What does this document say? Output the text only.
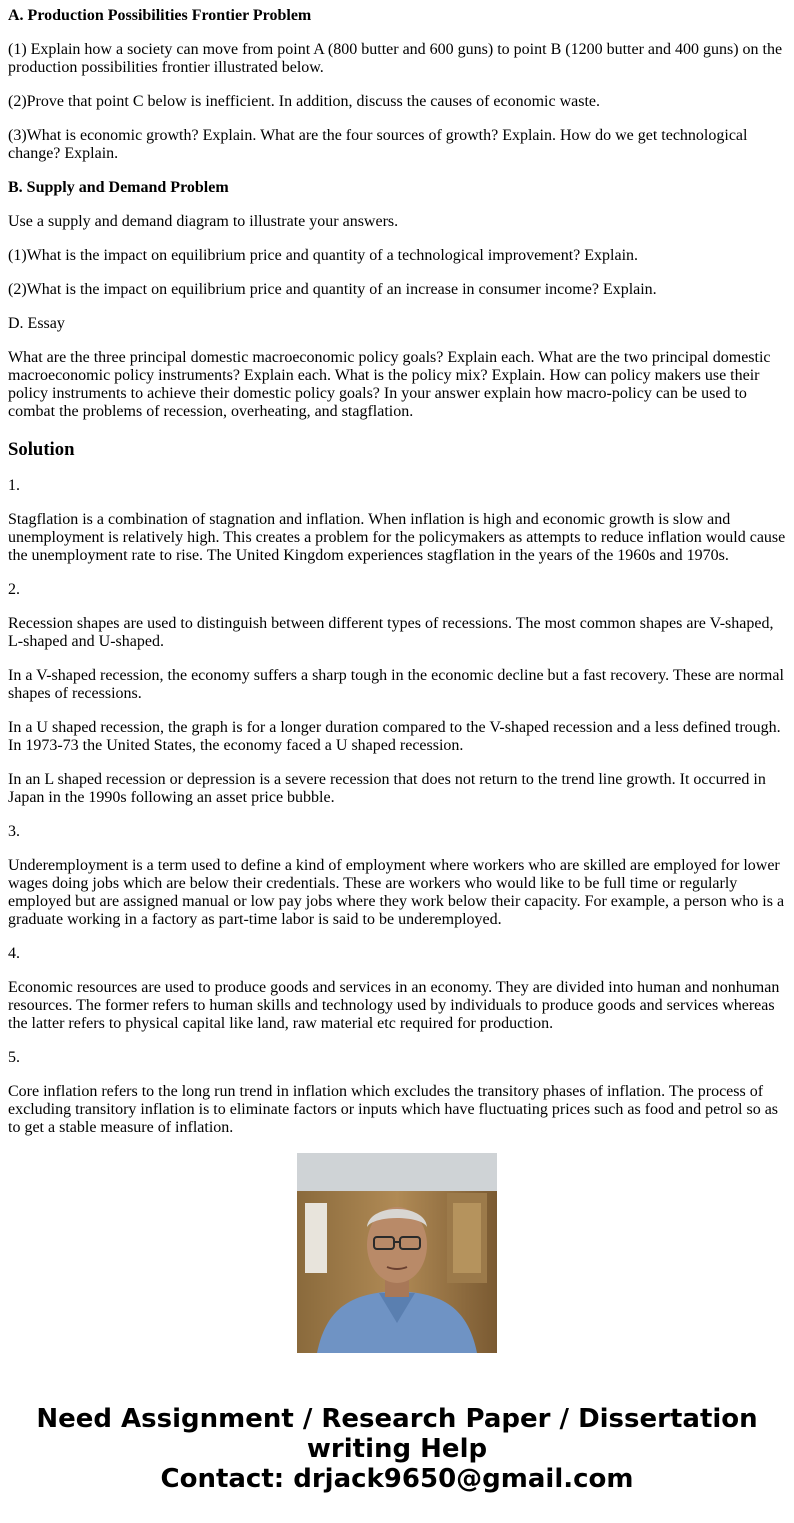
A. Production Possibilities Frontier Problem

(1) Explain how a society can move from point A (800 butter and 600 guns) to point B (1200 butter and 400 guns) on the production possibilities frontier illustrated below.

(2)Prove that point C below is inefficient. In addition, discuss the causes of economic waste.

(3)What is economic growth? Explain. What are the four sources of growth? Explain. How do we get technological change? Explain.

B. Supply and Demand Problem

Use a supply and demand diagram to illustrate your answers.

(1)What is the impact on equilibrium price and quantity of a technological improvement? Explain.

(2)What is the impact on equilibrium price and quantity of an increase in consumer income? Explain.

D. Essay

What are the three principal domestic macroeconomic policy goals? Explain each. What are the two principal domestic macroeconomic policy instruments? Explain each. What is the policy mix? Explain. How can policy makers use their policy instruments to achieve their domestic policy goals? In your answer explain how macro-policy can be used to combat the problems of recession, overheating, and stagflation.

Solution

1.

Stagflation is a combination of stagnation and inflation. When inflation is high and economic growth is slow and unemployment is relatively high. This creates a problem for the policymakers as attempts to reduce inflation would cause the unemployment rate to rise. The United Kingdom experiences stagflation in the years of the 1960s and 1970s.

2.

Recession shapes are used to distinguish between different types of recessions. The most common shapes are V-shaped, L-shaped and U-shaped.

In a V-shaped recession, the economy suffers a sharp tough in the economic decline but a fast recovery. These are normal shapes of recessions.

In a U shaped recession, the graph is for a longer duration compared to the V-shaped recession and a less defined trough. In 1973-73 the United States, the economy faced a U shaped recession.

In an L shaped recession or depression is a severe recession that does not return to the trend line growth. It occurred in Japan in the 1990s following an asset price bubble.

3.

Underemployment is a term used to define a kind of employment where workers who are skilled are employed for lower wages doing jobs which are below their credentials. These are workers who would like to be full time or regularly employed but are assigned manual or low pay jobs where they work below their capacity. For example, a person who is a graduate working in a factory as part-time labor is said to be underemployed.

4.

Economic resources are used to produce goods and services in an economy. They are divided into human and nonhuman resources. The former refers to human skills and technology used by individuals to produce goods and services whereas the latter refers to physical capital like land, raw material etc required for production.

5.

Core inflation refers to the long run trend in inflation which excludes the transitory phases of inflation. The process of excluding transitory inflation is to eliminate factors or inputs which have fluctuating prices such as food and petrol so as to get a stable measure of inflation.

Need Assignment / Research Paper / Dissertation
writing Help
Contact: drjack9650@gmail.com
